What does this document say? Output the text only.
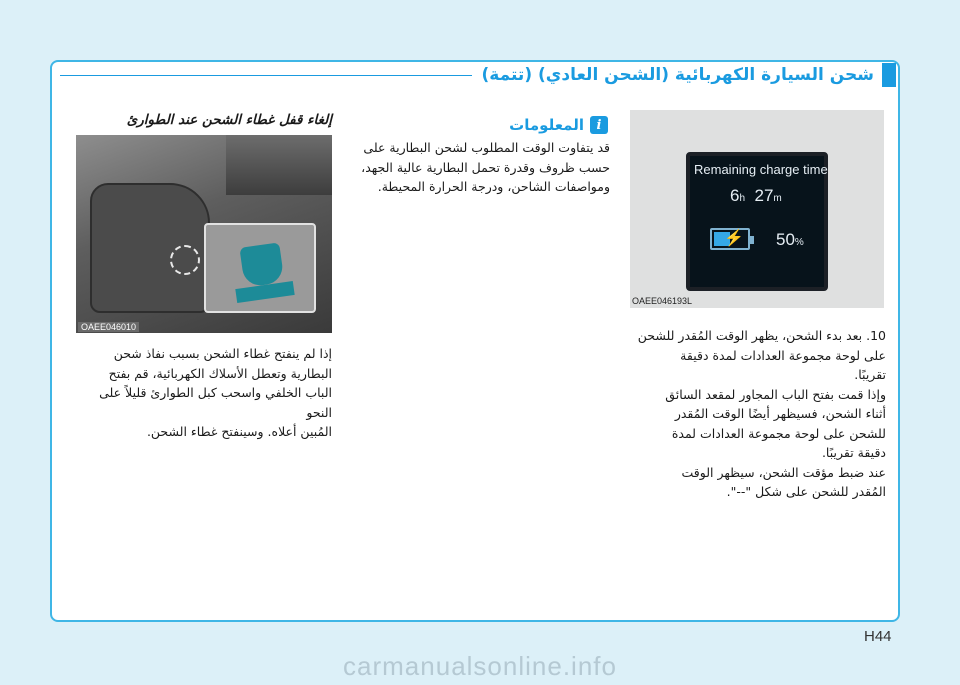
شحن السيارة الكهربائية (الشحن العادي) (تتمة)
Remaining charge time
6h 27m
⚡ 50%
OAEE046193L

10. بعد بدء الشحن، يظهر الوقت المُقدر للشحن

على لوحة مجموعة العدادات لمدة دقيقة

تقريبًا.

وإذا قمت بفتح الباب المجاور لمقعد السائق

أثناء الشحن، فسيظهر أيضًا الوقت المُقدر

للشحن على لوحة مجموعة العدادات لمدة

دقيقة تقريبًا.

عند ضبط مؤقت الشحن، سيظهر الوقت

المُقدر للشحن على شكل "--".

i
المعلومات

قد يتفاوت الوقت المطلوب لشحن البطارية على

حسب ظروف وقدرة تحمل البطارية عالية الجهد،

ومواصفات الشاحن، ودرجة الحرارة المحيطة.

إلغاء قفل غطاء الشحن عند الطوارئ
OAEE046010

إذا لم ينفتح غطاء الشحن بسبب نفاذ شحن

البطارية وتعطل الأسلاك الكهربائية، قم بفتح

الباب الخلفي واسحب كبل الطوارئ قليلاً على النحو

المُبين أعلاه. وسينفتح غطاء الشحن.

H44
carmanualsonline.info
